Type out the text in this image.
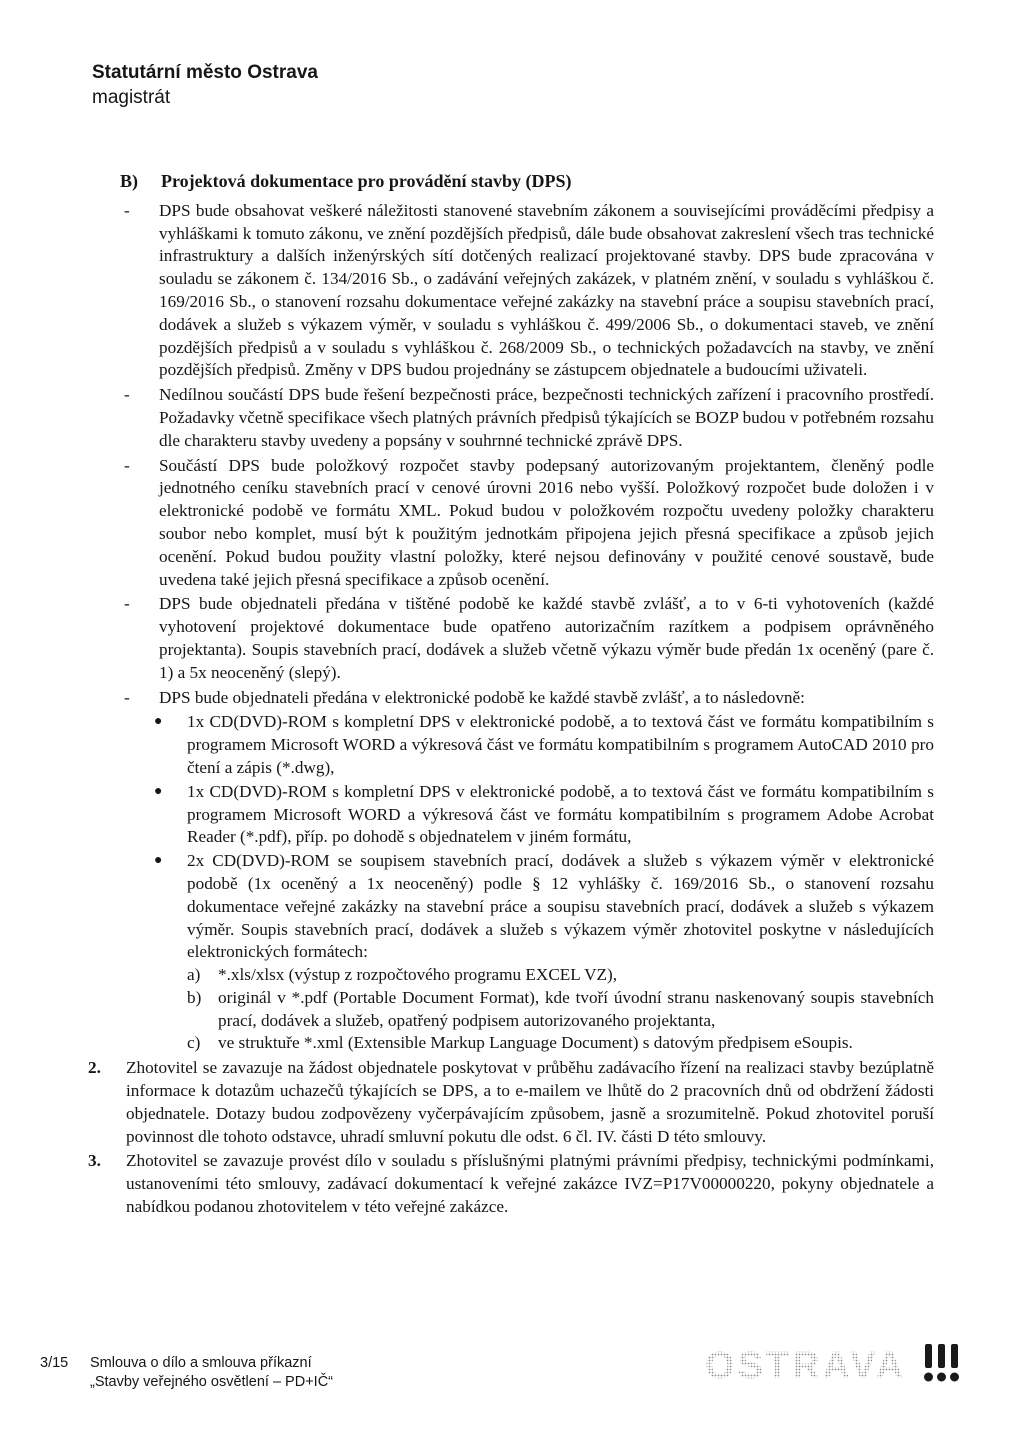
Statutární město Ostrava
magistrát
B) Projektová dokumentace pro provádění stavby (DPS)
- DPS bude obsahovat veškeré náležitosti stanovené stavebním zákonem a souvisejícími prováděcími předpisy a vyhláškami k tomuto zákonu, ve znění pozdějších předpisů, dále bude obsahovat zakreslení všech tras technické infrastruktury a dalších inženýrských sítí dotčených realizací projektované stavby. DPS bude zpracována v souladu se zákonem č. 134/2016 Sb., o zadávání veřejných zakázek, v platném znění, v souladu s vyhláškou č. 169/2016 Sb., o stanovení rozsahu dokumentace veřejné zakázky na stavební práce a soupisu stavebních prací, dodávek a služeb s výkazem výměr, v souladu s vyhláškou č. 499/2006 Sb., o dokumentaci staveb, ve znění pozdějších předpisů a v souladu s vyhláškou č. 268/2009 Sb., o technických požadavcích na stavby, ve znění pozdějších předpisů. Změny v DPS budou projednány se zástupcem objednatele a budoucími uživateli.
- Nedílnou součástí DPS bude řešení bezpečnosti práce, bezpečnosti technických zařízení i pracovního prostředí. Požadavky včetně specifikace všech platných právních předpisů týkajících se BOZP budou v potřebném rozsahu dle charakteru stavby uvedeny a popsány v souhrnné technické zprávě DPS.
- Součástí DPS bude položkový rozpočet stavby podepsaný autorizovaným projektantem, členěný podle jednotného ceníku stavebních prací v cenové úrovni 2016 nebo vyšší. Položkový rozpočet bude doložen i v elektronické podobě ve formátu XML. Pokud budou v položkovém rozpočtu uvedeny položky charakteru soubor nebo komplet, musí být k použitým jednotkám připojena jejich přesná specifikace a způsob jejich ocenění. Pokud budou použity vlastní položky, které nejsou definovány v použité cenové soustavě, bude uvedena také jejich přesná specifikace a způsob ocenění.
- DPS bude objednateli předána v tištěné podobě ke každé stavbě zvlášť, a to v 6-ti vyhotoveních (každé vyhotovení projektové dokumentace bude opatřeno autorizačním razítkem a podpisem oprávněného projektanta). Soupis stavebních prací, dodávek a služeb včetně výkazu výměr bude předán 1x oceněný (pare č. 1) a 5x neoceněný (slepý).
- DPS bude objednateli předána v elektronické podobě ke každé stavbě zvlášť, a to následovně:
● 1x CD(DVD)-ROM s kompletní DPS v elektronické podobě, a to textová část ve formátu kompatibilním s programem Microsoft WORD a výkresová část ve formátu kompatibilním s programem AutoCAD 2010 pro čtení a zápis (*.dwg),
● 1x CD(DVD)-ROM s kompletní DPS v elektronické podobě, a to textová část ve formátu kompatibilním s programem Microsoft WORD a výkresová část ve formátu kompatibilním s programem Adobe Acrobat Reader (*.pdf), příp. po dohodě s objednatelem v jiném formátu,
● 2x CD(DVD)-ROM se soupisem stavebních prací, dodávek a služeb s výkazem výměr v elektronické podobě (1x oceněný a 1x neoceněný) podle § 12 vyhlášky č. 169/2016 Sb., o stanovení rozsahu dokumentace veřejné zakázky na stavební práce a soupisu stavebních prací, dodávek a služeb s výkazem výměr. Soupis stavebních prací, dodávek a služeb s výkazem výměr zhotovitel poskytne v následujících elektronických formátech:
a) *.xls/xlsx (výstup z rozpočtového programu EXCEL VZ),
b) originál v *.pdf (Portable Document Format), kde tvoří úvodní stranu naskenovaný soupis stavebních prací, dodávek a služeb, opatřený podpisem autorizovaného projektanta,
c) ve struktuře *.xml (Extensible Markup Language Document) s datovým předpisem eSoupis.
2. Zhotovitel se zavazuje na žádost objednatele poskytovat v průběhu zadávacího řízení na realizaci stavby bezúplatně informace k dotazům uchazečů týkajících se DPS, a to e-mailem ve lhůtě do 2 pracovních dnů od obdržení žádosti objednatele. Dotazy budou zodpovězeny vyčerpávajícím způsobem, jasně a srozumitelně. Pokud zhotovitel poruší povinnost dle tohoto odstavce, uhradí smluvní pokutu dle odst. 6 čl. IV. části D této smlouvy.
3. Zhotovitel se zavazuje provést dílo v souladu s příslušnými platnými právními předpisy, technickými podmínkami, ustanoveními této smlouvy, zadávací dokumentací k veřejné zakázce IVZ=P17V00000220, pokyny objednatele a nabídkou podanou zhotovitelem v této veřejné zakázce.
3/15	Smlouva o dílo a smlouva příkazní
„Stavby veřejného osvětlení – PD+IČ“	OSTRAVA
